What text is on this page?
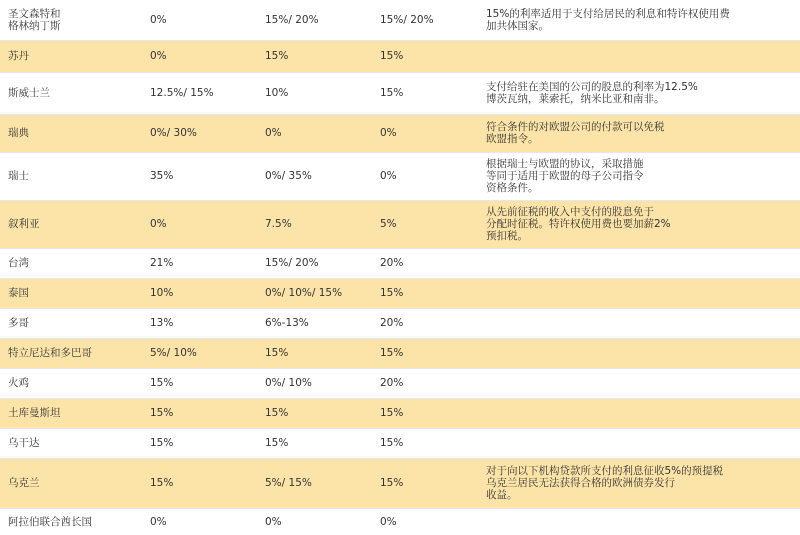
圣文森特和
格林纳丁斯	0%	15%/ 20%	15%/ 20%	15%的利率适用于支付给居民的利息和特许权使用费
加共体国家。

苏丹	0%	15%	15%	

斯威士兰	12.5%/ 15%	10%	15%	支付给驻在美国的公司的股息的利率为12.5%
博茨瓦纳，莱索托，纳米比亚和南非。

瑞典	0%/ 30%	0%	0%	符合条件的对欧盟公司的付款可以免税
欧盟指令。

瑞士	35%	0%/ 35%	0%	根据瑞士与欧盟的协议，采取措施
等同于适用于欧盟的母子公司指令
资格条件。

叙利亚	0%	7.5%	5%	从先前征税的收入中支付的股息免于
分配时征税。特许权使用费也要加薪2%
预扣税。

台湾	21%	15%/ 20%	20%	

泰国	10%	0%/ 10%/ 15%	15%	

多哥	13%	6%-13%	20%	

特立尼达和多巴哥	5%/ 10%	15%	15%	

火鸡	15%	0%/ 10%	20%	

土库曼斯坦	15%	15%	15%	

乌干达	15%	15%	15%	

乌克兰	15%	5%/ 15%	15%	对于向以下机构贷款所支付的利息征收5%的预提税
乌克兰居民无法获得合格的欧洲债券发行
收益。

阿拉伯联合酋长国	0%	0%	0%	
